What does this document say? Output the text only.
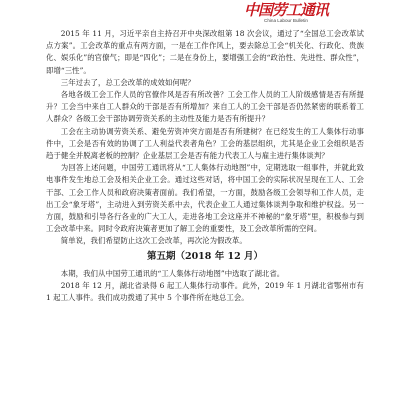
中国劳工通讯
China Labour Bulletin

2015 年 11 月，习近平亲自主持召开中央深改组第 18 次会议，通过了“全国总工会改革试点方案”。工会改革的重点有两方面，一是在工作作风上，要去除总工会“机关化、行政化、贵族化、娱乐化”的官僚气；即是“四化”；二是在身份上，要增强工会的“政治性、先进性、群众性”，即增“三性”。

三年过去了，总工会改革的成效如何呢？

各地各级工会工作人员的官僚作风是否有所改善？工会工作人员的工人阶级感情是否有所提升？工会当中来自工人群众的干部是否有所增加？来自工人的工会干部是否仍然紧密的联系着工人群众？各级工会干部协调劳资关系的主动性及能力是否有所提升？

工会在主动协调劳资关系、避免劳资冲突方面是否有所建树？在已经发生的工人集体行动事件中，工会是否有效的协调了工人利益代表者角色？工会的基层组织，尤其是企业工会组织是否趋于健全并脱离老板的控制？企业基层工会是否有能力代表工人与雇主进行集体谈判？

为回答上述问题，中国劳工通讯将从“工人集体行动地图”中，定期选取一组事件，并就此致电事件发生地总工会及相关企业工会。通过这些对话，将中国工会的实际状况呈现在工人、工会干部、工会工作人员和政府决策者面前。我们希望，一方面，鼓励各级工会领导和工作人员，走出工会“象牙塔”，主动进入到劳资关系中去，代表企业工人通过集体谈判争取和维护权益。另一方面，鼓励和引导各行各业的广大工人，走进各地工会这座并不神秘的“象牙塔”里，积极参与到工会改革中来。同时令政府决策者更加了解工会的重要性，及工会改革所需的空间。

简单说，我们希望防止这次工会改革，再次沦为假改革。

第五期（2018 年 12 月）

本期，我们从中国劳工通讯的“工人集体行动地图”中选取了湖北省。

2018 年 12 月，湖北省录得 6 起工人集体行动事件。此外，2019 年 1 月湖北省鄂州市有 1 起工人事件。我们成功拨通了其中 5 个事件所在地总工会。
